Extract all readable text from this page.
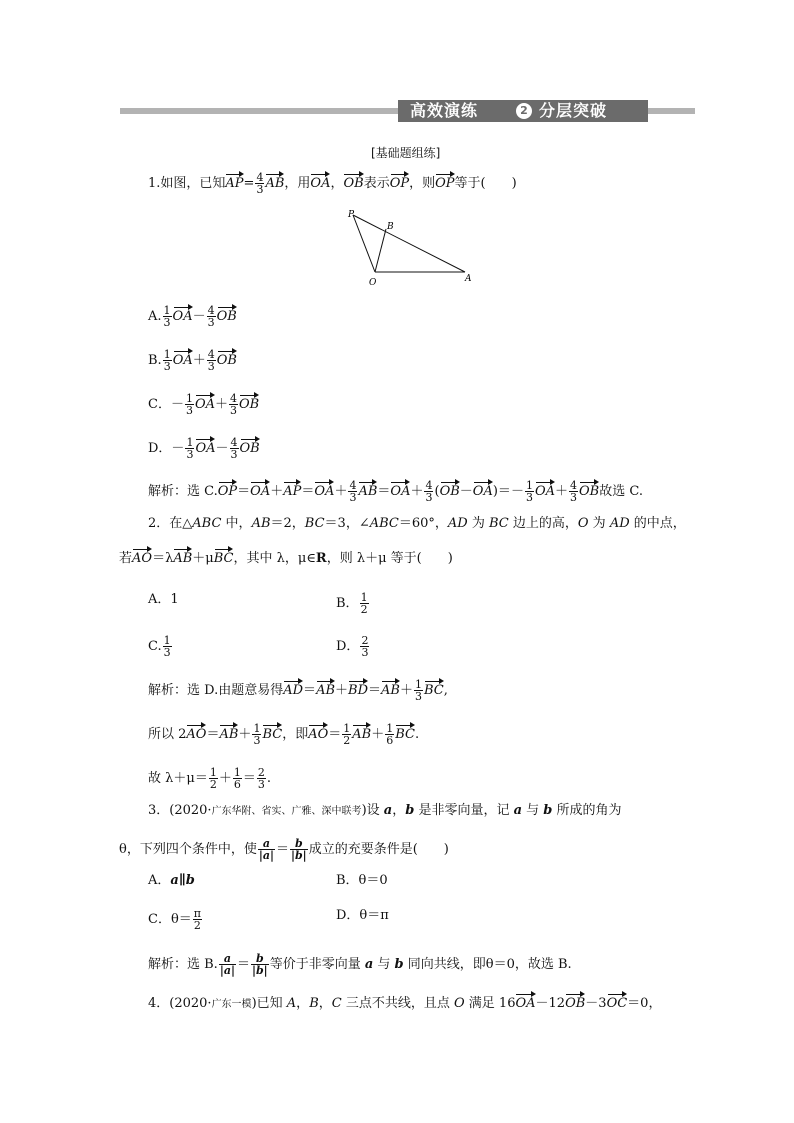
高效演练	2 分层突破
[基础题组练]
1.如图，已知$AP= \frac{4}{3}$ AB，用OA，OB表示OP，则OP等于(　　)
P
B
O	A
A. $\frac{1}{3} OA- \frac{4}{3}$ OB
B. $\frac{1}{3} OA+ \frac{4}{3}$ OB
C．－ $\frac{1}{3} OA+ \frac{4}{3}$ OB
D．－ $\frac{1}{3} OA- \frac{4}{3}$ OB
解析：选 $C.OP=OA+AP=OA+ \frac{4}{3} AB=OA+ \frac{4}{3} (OB-OA)=- \frac{1}{3} OA+ \frac{4}{3}$ OB故选 C.
2．在△ABC 中，AB＝2，BC＝3，∠ABC＝60°，AD 为 BC 边上的高，O 为 AD 的中点，
若AO＝λAB＋μBC，其中 λ，μ∈R，则 λ＋μ 等于(　　)
A．1	B． $\frac{1}{2}$
C. $\frac{1}{3}$	D． $\frac{2}{3}$
解析：选 D.由题意易得$AD=AB+BD=AB+ \frac{1}{3}$ BC,
所以 $2AO=AB+ \frac{1}{3}$ BC，即$AO= \frac{1}{2} AB+ \frac{1}{6}$ BC.
故 $\lambda+\mu= \frac{1}{2} + \frac{1}{6} = \frac{2}{3}$ .
3．(2020·广东华附、省实、广雅、深中联考)设 a，b 是非零向量，记 a 与 b 所成的角为
θ，下列四个条件中，使 $\frac{a}{|a|} = \frac{b}{|b|}$ 成立的充要条件是(　　)
A．a∥b	B．θ＝0
C．$\theta= \frac{\pi}{2}$	D．θ＝π
解析：选 B. $\frac{a}{|a|} = \frac{b}{|b|}$ 等价于非零向量 a 与 b 同向共线，即θ＝0，故选 B.
4．(2020·广东一模)已知 A，B，C 三点不共线，且点 O 满足 16OA－12OB－3OC＝0，
